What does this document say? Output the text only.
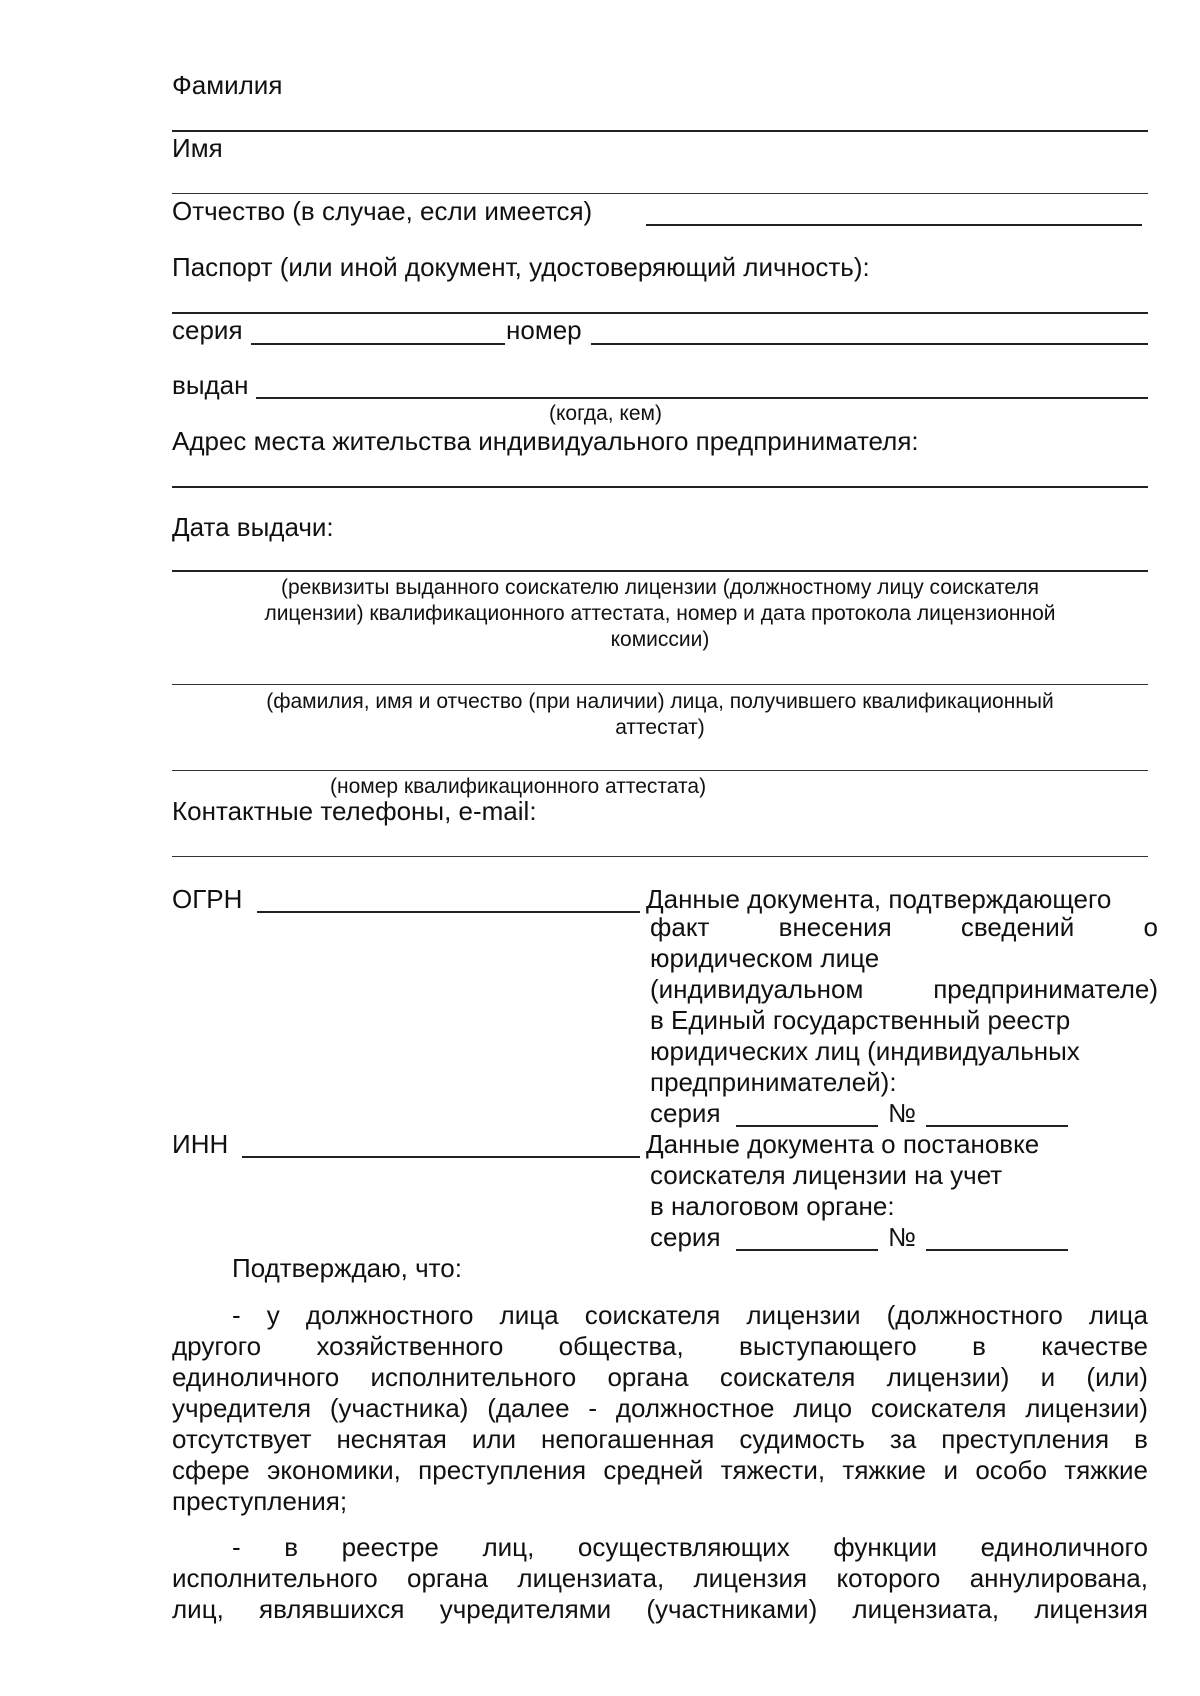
Фамилия
Имя
Отчество (в случае, если имеется)
Паспорт (или иной документ, удостоверяющий личность):
серия	номер
выдан
(когда, кем)
Адрес места жительства индивидуального предпринимателя:
Дата выдачи:
(реквизиты выданного соискателю лицензии (должностному лицу соискателя
лицензии) квалификационного аттестата, номер и дата протокола лицензионной
комиссии)
(фамилия, имя и отчество (при наличии) лица, получившего квалификационный
аттестат)
(номер квалификационного аттестата)
Контактные телефоны, e-mail:
ОГРН	Данные документа, подтверждающего
факт	внесения	сведений	о
юридическом лице
(индивидуальном	предпринимателе)
в Единый государственный реестр
юридических лиц (индивидуальных
предпринимателей):
серия	№
ИНН	Данные документа о постановке
соискателя лицензии на учет
в налоговом органе:
серия	№
Подтверждаю, что:
- у должностного лица соискателя лицензии (должностного лица
другого хозяйственного общества, выступающего в качестве
единоличного исполнительного органа соискателя лицензии) и (или)
учредителя (участника) (далее - должностное лицо соискателя лицензии)
отсутствует неснятая или непогашенная судимость за преступления в
сфере экономики, преступления средней тяжести, тяжкие и особо тяжкие
преступления;
- в реестре лиц, осуществляющих функции единоличного
исполнительного органа лицензиата, лицензия которого аннулирована,
лиц, являвшихся учредителями (участниками) лицензиата, лицензия
